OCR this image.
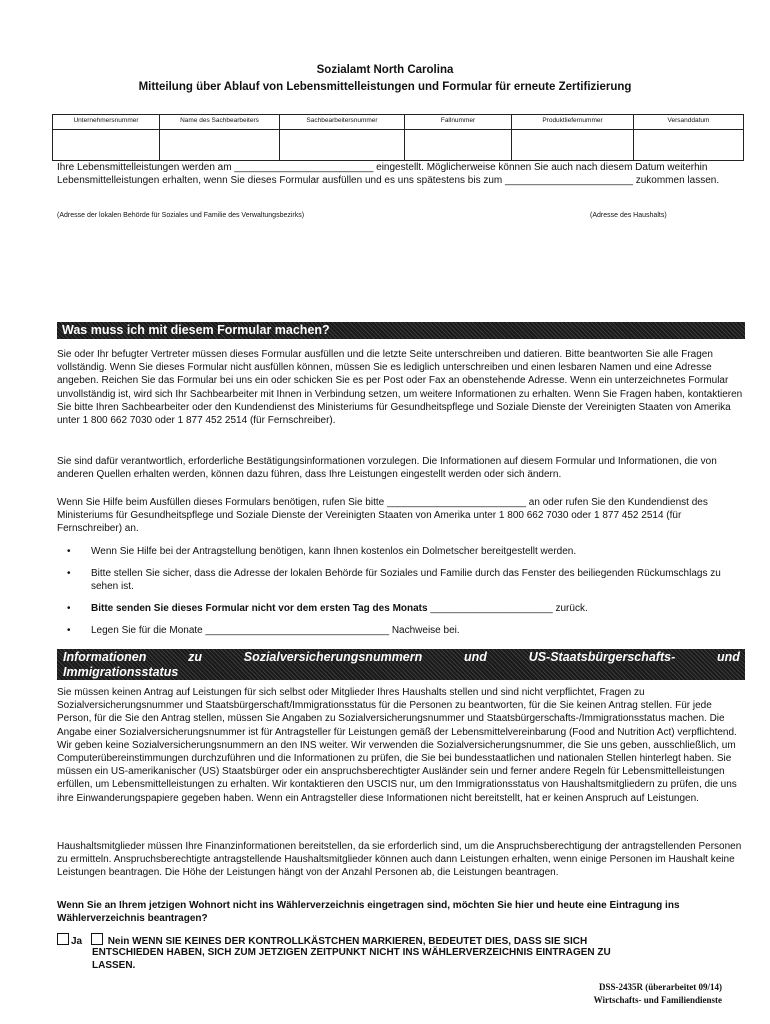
Sozialamt North Carolina
Mitteilung über Ablauf von Lebensmittelleistungen und Formular für erneute Zertifizierung
Unternehmersnummer	Name des Sachbearbeiters	Sachbearbeitersnummer	Fallnummer	Produktliefernummer	Versanddatum

Ihre Lebensmittelleistungen werden am _________________________ eingestellt. Möglicherweise können Sie auch nach diesem Datum weiterhin Lebensmittelleistungen erhalten, wenn Sie dieses Formular ausfüllen und es uns spätestens bis zum _______________________ zukommen lassen.
(Adresse der lokalen Behörde für Soziales und Familie des Verwaltungsbezirks)	(Adresse des Haushalts)
Was muss ich mit diesem Formular machen?
Sie oder Ihr befugter Vertreter müssen dieses Formular ausfüllen und die letzte Seite unterschreiben und datieren. Bitte beantworten Sie alle Fragen vollständig. Wenn Sie dieses Formular nicht ausfüllen können, müssen Sie es lediglich unterschreiben und einen lesbaren Namen und eine Adresse angeben. Reichen Sie das Formular bei uns ein oder schicken Sie es per Post oder Fax an obenstehende Adresse. Wenn ein unterzeichnetes Formular unvollständig ist, wird sich Ihr Sachbearbeiter mit Ihnen in Verbindung setzen, um weitere Informationen zu erhalten. Wenn Sie Fragen haben, kontaktieren Sie bitte Ihren Sachbearbeiter oder den Kundendienst des Ministeriums für Gesundheitspflege und Soziale Dienste der Vereinigten Staaten von Amerika unter 1 800 662 7030 oder 1 877 452 2514 (für Fernschreiber).
Sie sind dafür verantwortlich, erforderliche Bestätigungsinformationen vorzulegen. Die Informationen auf diesem Formular und Informationen, die von anderen Quellen erhalten werden, können dazu führen, dass Ihre Leistungen eingestellt werden oder sich ändern.
Wenn Sie Hilfe beim Ausfüllen dieses Formulars benötigen, rufen Sie bitte _________________________ an oder rufen Sie den Kundendienst des Ministeriums für Gesundheitspflege und Soziale Dienste der Vereinigten Staaten von Amerika unter 1 800 662 7030 oder 1 877 452 2514 (für Fernschreiber) an.
• Wenn Sie Hilfe bei der Antragstellung benötigen, kann Ihnen kostenlos ein Dolmetscher bereitgestellt werden.
• Bitte stellen Sie sicher, dass die Adresse der lokalen Behörde für Soziales und Familie durch das Fenster des beiliegenden Rückumschlags zu sehen ist.
• Bitte senden Sie dieses Formular nicht vor dem ersten Tag des Monats ______________________ zurück.
• Legen Sie für die Monate _________________________________ Nachweise bei.
Informationen	zu	Sozialversicherungsnummern	und	US-Staatsbürgerschafts-	und
Immigrationsstatus
Sie müssen keinen Antrag auf Leistungen für sich selbst oder Mitglieder Ihres Haushalts stellen und sind nicht verpflichtet, Fragen zu Sozialversicherungsnummer und Staatsbürgerschaft/Immigrationsstatus für die Personen zu beantworten, für die Sie keinen Antrag stellen. Für jede Person, für die Sie den Antrag stellen, müssen Sie Angaben zu Sozialversicherungsnummer und Staatsbürgerschafts-/Immigrationsstatus machen. Die Angabe einer Sozialversicherungsnummer ist für Antragsteller für Leistungen gemäß der Lebensmittelvereinbarung (Food and Nutrition Act) verpflichtend. Wir geben keine Sozialversicherungsnummern an den INS weiter. Wir verwenden die Sozialversicherungsnummer, die Sie uns geben, ausschließlich, um Computerübereinstimmungen durchzuführen und die Informationen zu prüfen, die Sie bei bundesstaatlichen und nationalen Stellen hinterlegt haben. Sie müssen ein US-amerikanischer (US) Staatsbürger oder ein anspruchsberechtigter Ausländer sein und ferner andere Regeln für Lebensmittelleistungen erfüllen, um Lebensmittelleistungen zu erhalten. Wir kontaktieren den USCIS nur, um den Immigrationsstatus von Haushaltsmitgliedern zu prüfen, die uns ihre Einwanderungspapiere gegeben haben. Wenn ein Antragsteller diese Informationen nicht bereitstellt, hat er keinen Anspruch auf Leistungen.
Haushaltsmitglieder müssen Ihre Finanzinformationen bereitstellen, da sie erforderlich sind, um die Anspruchsberechtigung der antragstellenden Personen zu ermitteln. Anspruchsberechtigte antragstellende Haushaltsmitglieder können auch dann Leistungen erhalten, wenn einige Personen im Haushalt keine Leistungen beantragen. Die Höhe der Leistungen hängt von der Anzahl Personen ab, die Leistungen beantragen.
Wenn Sie an Ihrem jetzigen Wohnort nicht ins Wählerverzeichnis eingetragen sind, möchten Sie hier und heute eine Eintragung ins Wählerverzeichnis beantragen?
Ja	Nein WENN SIE KEINES DER KONTROLLKÄSTCHEN MARKIEREN, BEDEUTET DIES, DASS SIE SICH
ENTSCHIEDEN HABEN, SICH ZUM JETZIGEN ZEITPUNKT NICHT INS WÄHLERVERZEICHNIS EINTRAGEN ZU
LASSEN.
DSS-2435R (überarbeitet 09/14)
Wirtschafts- und Familiendienste
